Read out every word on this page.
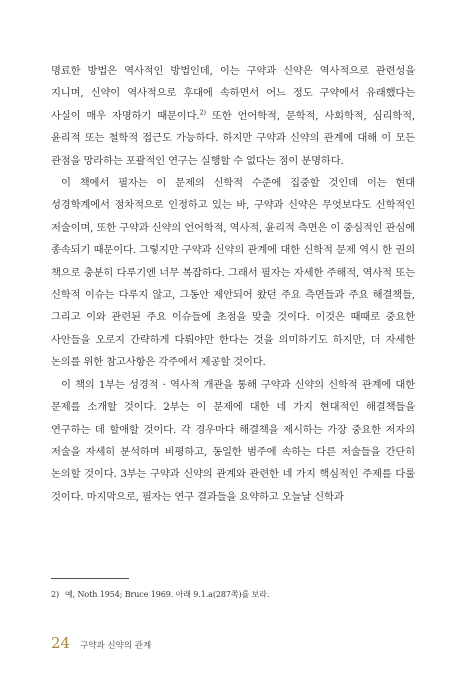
명료한 방법은 역사적인 방법인데, 이는 구약과 신약은 역사적으로 관련성을 지니며, 신약이 역사적으로 후대에 속하면서 어느 정도 구약에서 유래했다는 사실이 매우 자명하기 때문이다.$^{2)}$ 또한 언어학적, 문학적, 사회학적, 심리학적, 윤리적 또는 철학적 접근도 가능하다. 하지만 구약과 신약의 관계에 대해 이 모든 관점을 망라하는 포괄적인 연구는 실행할 수 없다는 점이 분명하다.

이 책에서 필자는 이 문제의 신학적 수준에 집중할 것인데 이는 현대 성경학계에서 점차적으로 인정하고 있는 바, 구약과 신약은 무엇보다도 신학적인 저술이며, 또한 구약과 신약의 언어학적, 역사적, 윤리적 측면은 이 중심적인 관심에 종속되기 때문이다. 그렇지만 구약과 신약의 관계에 대한 신학적 문제 역시 한 권의 책으로 충분히 다루기엔 너무 복잡하다. 그래서 필자는 자세한 주해적, 역사적 또는 신학적 이슈는 다루지 않고, 그동안 제안되어 왔던 주요 측면들과 주요 해결책들, 그리고 이와 관련된 주요 이슈들에 초점을 맞출 것이다. 이것은 때때로 중요한 사안들을 오로지 간략하게 다뤄야만 한다는 것을 의미하기도 하지만, 더 자세한 논의를 위한 참고사항은 각주에서 제공할 것이다.

이 책의 1부는 성경적 · 역사적 개관을 통해 구약과 신약의 신학적 관계에 대한 문제를 소개할 것이다. 2부는 이 문제에 대한 네 가지 현대적인 해결책들을 연구하는 데 할애할 것이다. 각 경우마다 해결책을 제시하는 가장 중요한 저자의 저술을 자세히 분석하며 비평하고, 동일한 범주에 속하는 다른 저술들을 간단히 논의할 것이다. 3부는 구약과 신약의 관계와 관련한 네 가지 핵심적인 주제를 다룰 것이다. 마지막으로, 필자는 연구 결과들을 요약하고 오늘날 신학과

2) 예, Noth 1954; Bruce 1969. 아래 9.1.a(287쪽)를 보라.
24 구약과 신약의 관계
